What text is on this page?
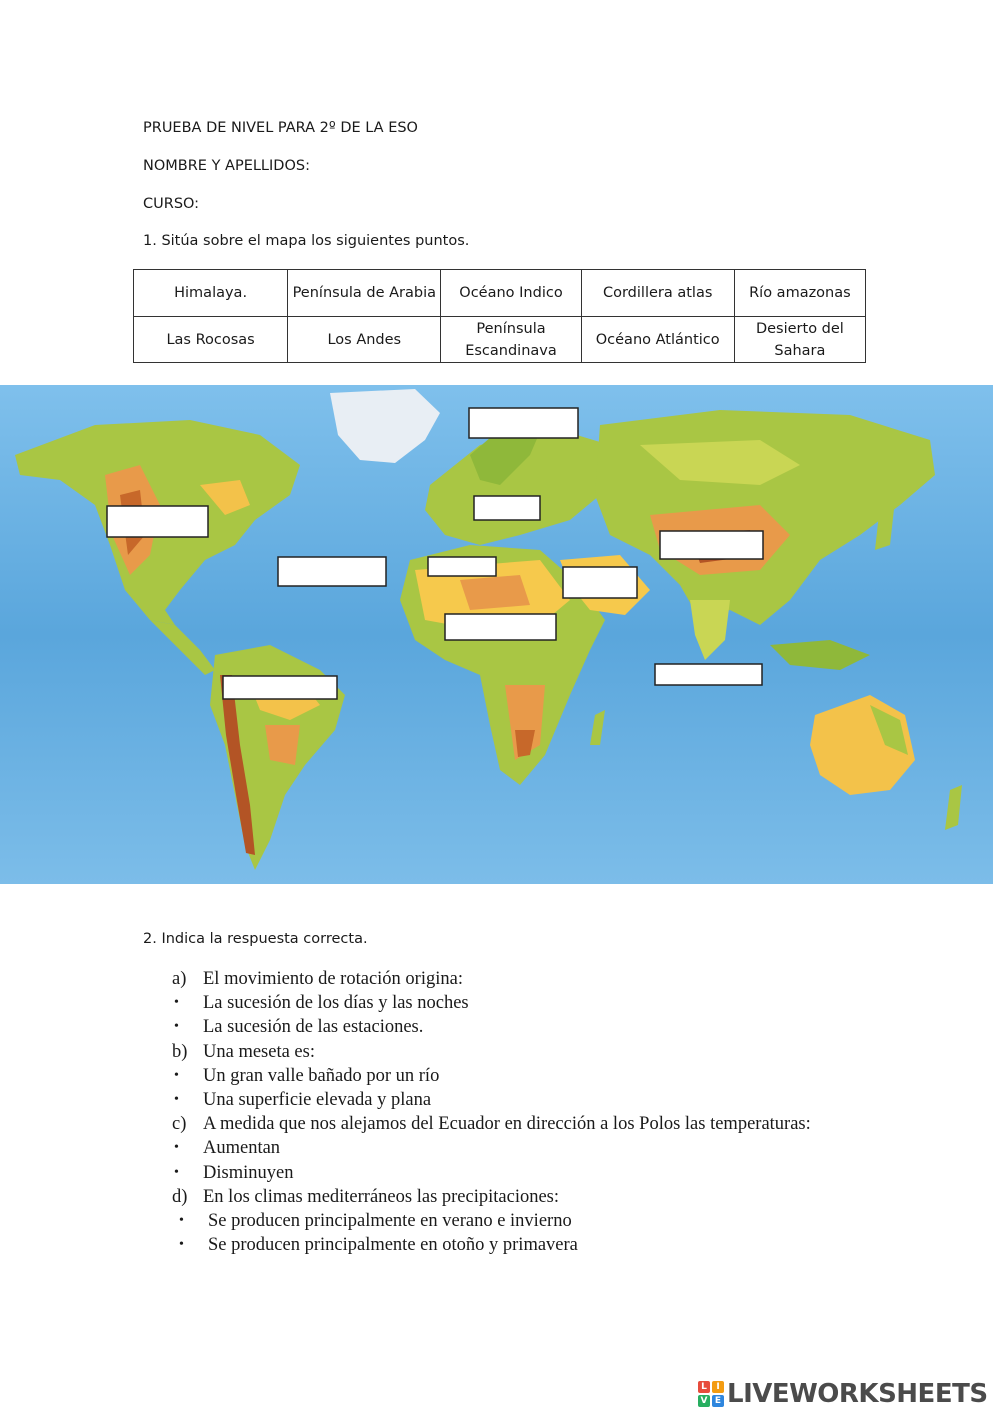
PRUEBA DE NIVEL PARA 2º DE LA ESO
NOMBRE Y APELLIDOS:
CURSO:
1. Sitúa sobre el mapa los siguientes puntos.
Himalaya.	Península de Arabia	Océano Indico	Cordillera atlas	Río amazonas
Las Rocosas	Los Andes	Península Escandinava	Océano Atlántico	Desierto del Sahara
2. Indica la respuesta correcta.
a) El movimiento de rotación origina:
•	La sucesión de los días y las noches
•	La sucesión de las estaciones.
b) Una meseta es:
•	Un gran valle bañado por un río
•	Una superficie elevada y plana
c) A medida que nos alejamos del Ecuador en dirección a los Polos las temperaturas:
•	Aumentan
•	Disminuyen
d) En los climas mediterráneos las precipitaciones:
•	Se producen principalmente en verano e invierno
•	Se producen principalmente en otoño y primavera
L	I
V E LIVEWORKSHEETS
